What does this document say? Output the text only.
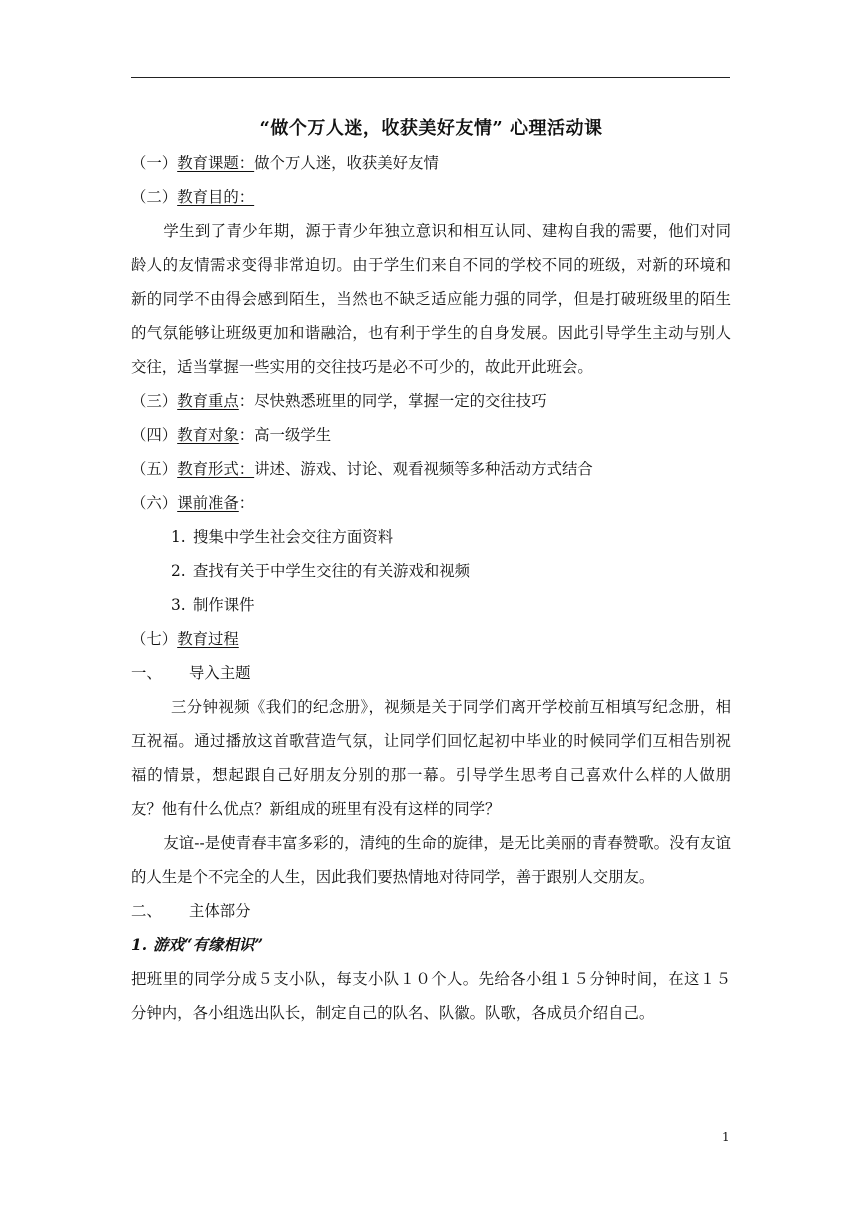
“做个万人迷，收获美好友情” 心理活动课
（一）教育课题：做个万人迷，收获美好友情
（二）教育目的：

学生到了青少年期，源于青少年独立意识和相互认同、建构自我的需要，他们对同龄人的友情需求变得非常迫切。由于学生们来自不同的学校不同的班级，对新的环境和新的同学不由得会感到陌生，当然也不缺乏适应能力强的同学，但是打破班级里的陌生的气氛能够让班级更加和谐融洽，也有利于学生的自身发展。因此引导学生主动与别人交往，适当掌握一些实用的交往技巧是必不可少的，故此开此班会。

（三）教育重点：尽快熟悉班里的同学，掌握一定的交往技巧
（四）教育对象：高一级学生
（五）教育形式：讲述、游戏、讨论、观看视频等多种活动方式结合
（六）课前准备：
1. 搜集中学生社会交往方面资料
2. 查找有关于中学生交往的有关游戏和视频
3. 制作课件
（七）教育过程
一、 导入主题

三分钟视频《我们的纪念册》，视频是关于同学们离开学校前互相填写纪念册，相互祝福。通过播放这首歌营造气氛，让同学们回忆起初中毕业的时候同学们互相告别祝福的情景，想起跟自己好朋友分别的那一幕。引导学生思考自己喜欢什么样的人做朋友？他有什么优点？新组成的班里有没有这样的同学？

友谊--是使青春丰富多彩的，清纯的生命的旋律，是无比美丽的青春赞歌。没有友谊的人生是个不完全的人生，因此我们要热情地对待同学，善于跟别人交朋友。

二、 主体部分
1. 游戏“有缘相识”

把班里的同学分成５支小队，每支小队１０个人。先给各小组１５分钟时间，在这１５分钟内，各小组选出队长，制定自己的队名、队徽。队歌，各成员介绍自己。

1
